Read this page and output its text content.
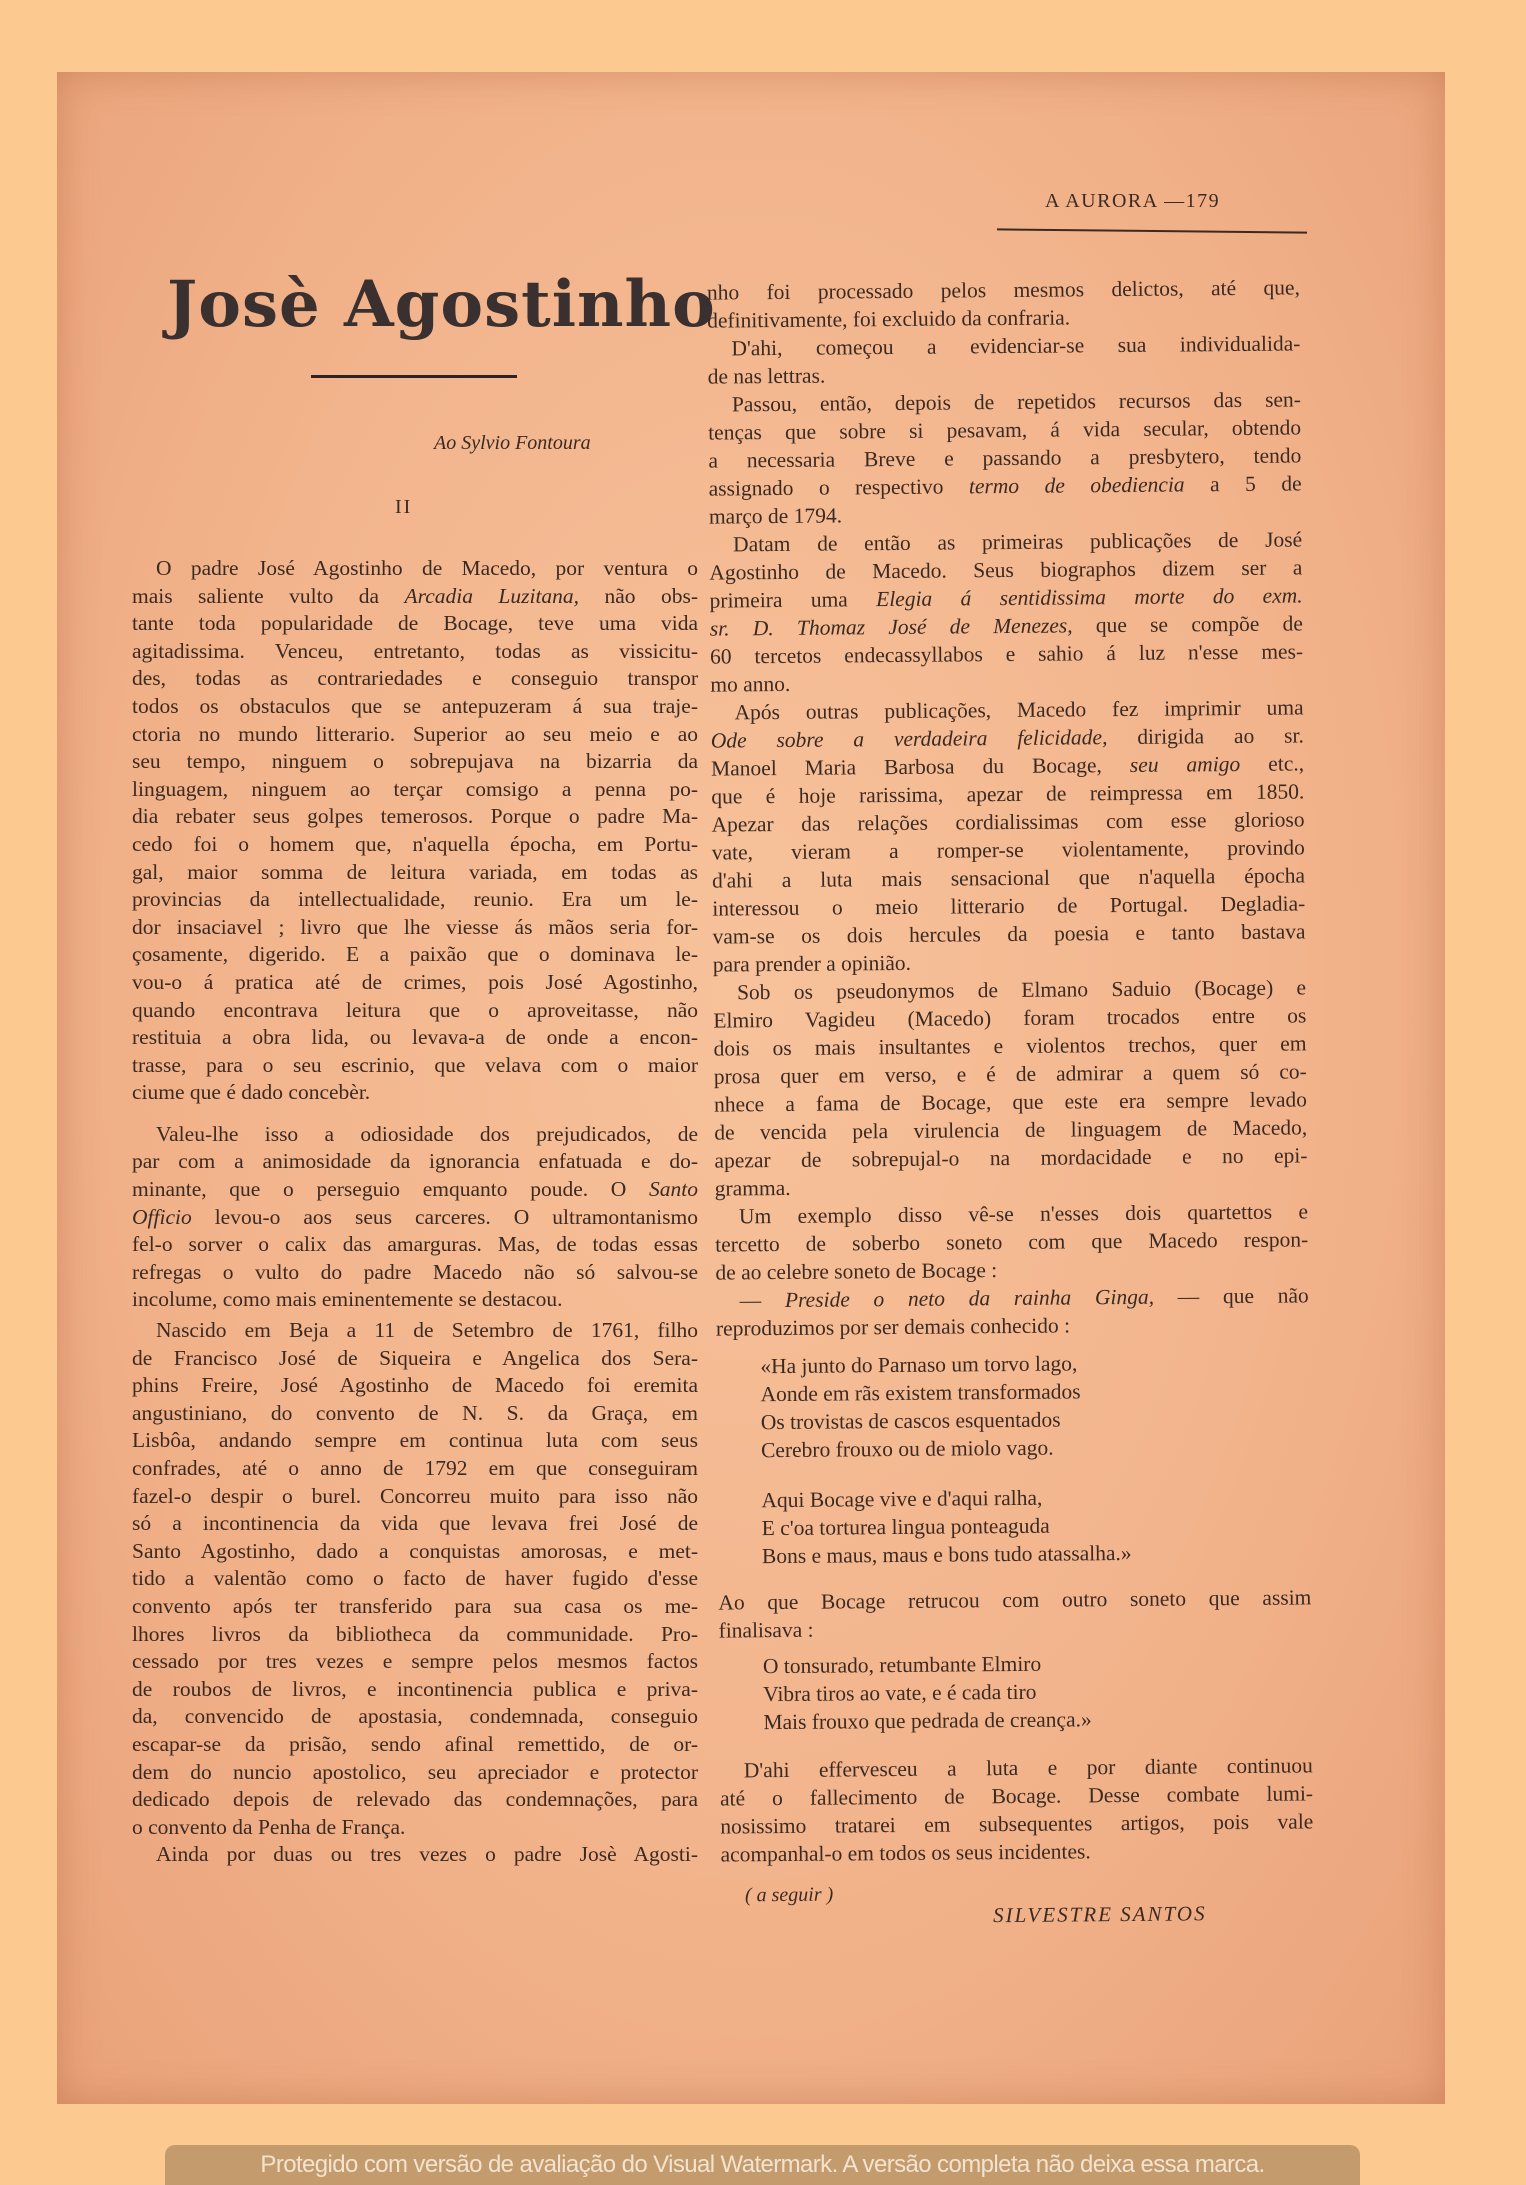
A AURORA —179
Josè Agostinho
Ao Sylvio Fontoura
II
O padre José Agostinho de Macedo, por ventura o
mais saliente vulto da Arcadia Luzitana, não obs-
tante toda popularidade de Bocage, teve uma vida
agitadissima. Venceu, entretanto, todas as vissicitu-
des, todas as contrariedades e conseguio transpor
todos os obstaculos que se antepuzeram á sua traje-
ctoria no mundo litterario. Superior ao seu meio e ao
seu tempo, ninguem o sobrepujava na bizarria da
linguagem, ninguem ao terçar comsigo a penna po-
dia rebater seus golpes temerosos. Porque o padre Ma-
cedo foi o homem que, n'aquella épocha, em Portu-
gal, maior somma de leitura variada, em todas as
provincias da intellectualidade, reunio. Era um le-
dor insaciavel ; livro que lhe viesse ás mãos seria for-
çosamente, digerido. E a paixão que o dominava le-
vou-o á pratica até de crimes, pois José Agostinho,
quando encontrava leitura que o aproveitasse, não
restituia a obra lida, ou levava-a de onde a encon-
trasse, para o seu escrinio, que velava com o maior
ciume que é dado concebèr.
Valeu-lhe isso a odiosidade dos prejudicados, de
par com a animosidade da ignorancia enfatuada e do-
minante, que o perseguio emquanto poude. O Santo
Officio levou-o aos seus carceres. O ultramontanismo
fel-o sorver o calix das amarguras. Mas, de todas essas
refregas o vulto do padre Macedo não só salvou-se
incolume, como mais eminentemente se destacou.
Nascido em Beja a 11 de Setembro de 1761, filho
de Francisco José de Siqueira e Angelica dos Sera-
phins Freire, José Agostinho de Macedo foi eremita
angustiniano, do convento de N. S. da Graça, em
Lisbôa, andando sempre em continua luta com seus
confrades, até o anno de 1792 em que conseguiram
fazel-o despir o burel. Concorreu muito para isso não
só a incontinencia da vida que levava frei José de
Santo Agostinho, dado a conquistas amorosas, e met-
tido a valentão como o facto de haver fugido d'esse
convento após ter transferido para sua casa os me-
lhores livros da bibliotheca da communidade. Pro-
cessado por tres vezes e sempre pelos mesmos factos
de roubos de livros, e incontinencia publica e priva-
da, convencido de apostasia, condemnada, conseguio
escapar-se da prisão, sendo afinal remettido, de or-
dem do nuncio apostolico, seu apreciador e protector
dedicado depois de relevado das condemnações, para
o convento da Penha de França.
Ainda por duas ou tres vezes o padre Josè Agosti-
nho foi processado pelos mesmos delictos, até que,
definitivamente, foi excluido da confraria.
D'ahi, começou a evidenciar-se sua individualida-
de nas lettras.
Passou, então, depois de repetidos recursos das sen-
tenças que sobre si pesavam, á vida secular, obtendo
a necessaria Breve e passando a presbytero, tendo
assignado o respectivo termo de obediencia a 5 de
março de 1794.
Datam de então as primeiras publicações de José
Agostinho de Macedo. Seus biographos dizem ser a
primeira uma Elegia á sentidissima morte do exm.
sr. D. Thomaz José de Menezes, que se compõe de
60 tercetos endecassyllabos e sahio á luz n'esse mes-
mo anno.
Após outras publicações, Macedo fez imprimir uma
Ode sobre a verdadeira felicidade, dirigida ao sr.
Manoel Maria Barbosa du Bocage, seu amigo etc.,
que é hoje rarissima, apezar de reimpressa em 1850.
Apezar das relações cordialissimas com esse glorioso
vate, vieram a romper-se violentamente, provindo
d'ahi a luta mais sensacional que n'aquella épocha
interessou o meio litterario de Portugal. Degladia-
vam-se os dois hercules da poesia e tanto bastava
para prender a opinião.
Sob os pseudonymos de Elmano Saduio (Bocage) e
Elmiro Vagideu (Macedo) foram trocados entre os
dois os mais insultantes e violentos trechos, quer em
prosa quer em verso, e é de admirar a quem só co-
nhece a fama de Bocage, que este era sempre levado
de vencida pela virulencia de linguagem de Macedo,
apezar de sobrepujal-o na mordacidade e no epi-
gramma.
Um exemplo disso vê-se n'esses dois quartettos e
tercetto de soberbo soneto com que Macedo respon-
de ao celebre soneto de Bocage :
— Preside o neto da rainha Ginga, — que não
reproduzimos por ser demais conhecido :
«Ha junto do Parnaso um torvo lago,
Aonde em rãs existem transformados
Os trovistas de cascos esquentados
Cerebro frouxo ou de miolo vago.
Aqui Bocage vive e d'aqui ralha,
E c'oa torturea lingua ponteaguda
Bons e maus, maus e bons tudo atassalha.»
Ao que Bocage retrucou com outro soneto que assim
finalisava :
O tonsurado, retumbante Elmiro
Vibra tiros ao vate, e é cada tiro
Mais frouxo que pedrada de creança.»
D'ahi effervesceu a luta e por diante continuou
até o fallecimento de Bocage. Desse combate lumi-
nosissimo tratarei em subsequentes artigos, pois vale
acompanhal-o em todos os seus incidentes.
( a seguir )
SILVESTRE SANTOS
Protegido com versão de avaliação do Visual Watermark. A versão completa não deixa essa marca.
